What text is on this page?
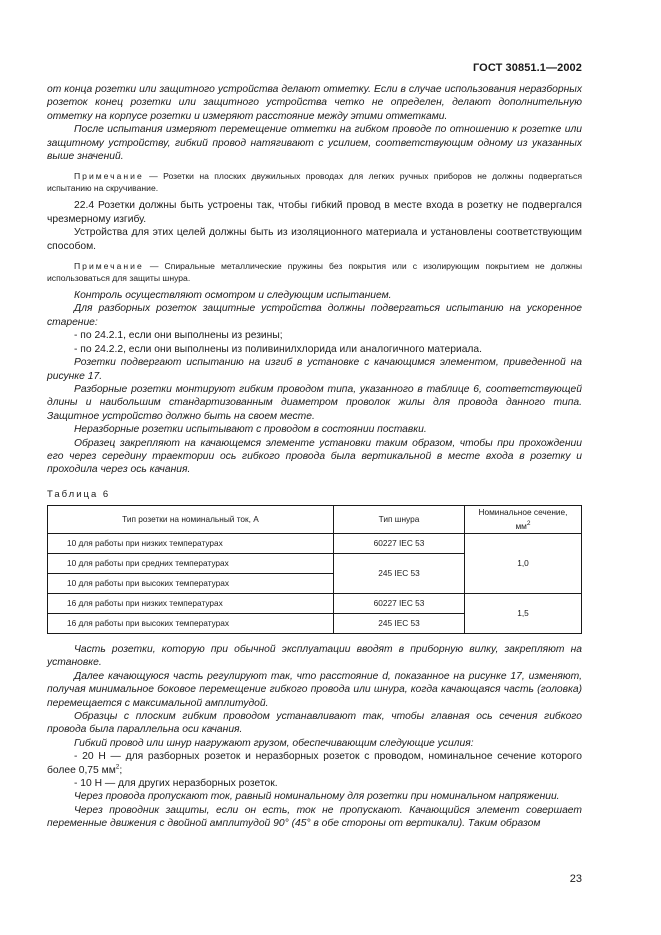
ГОСТ 30851.1—2002

от конца розетки или защитного устройства делают отметку. Если в случае использования неразборных розеток конец розетки или защитного устройства четко не определен, делают дополнительную отметку на корпусе розетки и измеряют расстояние между этими отметками.

После испытания измеряют перемещение отметки на гибком проводе по отношению к розетке или защитному устройству, гибкий провод натягивают с усилием, соответствующим одному из указанных выше значений.

Примечание — Розетки на плоских двужильных проводах для легких ручных приборов не должны подвергаться испытанию на скручивание.

22.4 Розетки должны быть устроены так, чтобы гибкий провод в месте входа в розетку не подвергался чрезмерному изгибу.

Устройства для этих целей должны быть из изоляционного материала и установлены соответствующим способом.

Примечание — Спиральные металлические пружины без покрытия или с изолирующим покрытием не должны использоваться для защиты шнура.

Контроль осуществляют осмотром и следующим испытанием.

Для разборных розеток защитные устройства должны подвергаться испытанию на ускоренное старение:

- по 24.2.1, если они выполнены из резины;

- по 24.2.2, если они выполнены из поливинилхлорида или аналогичного материала.

Розетки подвергают испытанию на изгиб в установке с качающимся элементом, приведенной на рисунке 17.

Разборные розетки монтируют гибким проводом типа, указанного в таблице 6, соответствующей длины и наибольшим стандартизованным диаметром проволок жилы для провода данного типа. Защитное устройство должно быть на своем месте.

Неразборные розетки испытывают с проводом в состоянии поставки.

Образец закрепляют на качающемся элементе установки таким образом, чтобы при прохождении его через середину траектории ось гибкого провода была вертикальной в месте входа в розетку и проходила через ось качания.

Таблица 6

Тип розетки на номинальный ток, А	Тип шнура	Номинальное сечение, $мм^2$
10 для работы при низких температурах	60227 IEC 53	1,0
10 для работы при средних температурах	245 IEC 53	
10 для работы при высоких температурах		
16 для работы при низких температурах	60227 IEC 53	1,5
16 для работы при высоких температурах	245 IEC 53	

Часть розетки, которую при обычной эксплуатации вводят в приборную вилку, закрепляют на установке.

Далее качающуюся часть регулируют так, что расстояние d, показанное на рисунке 17, изменяют, получая минимальное боковое перемещение гибкого провода или шнура, когда качающаяся часть (головка) перемещается с максимальной амплитудой.

Образцы с плоским гибким проводом устанавливают так, чтобы главная ось сечения гибкого провода была параллельна оси качания.

Гибкий провод или шнур нагружают грузом, обеспечивающим следующие усилия:

- 20 Н — для разборных розеток и неразборных розеток с проводом, номинальное сечение которого более 0,75 $мм^2$;

- 10 Н — для других неразборных розеток.

Через провода пропускают ток, равный номинальному для розетки при номинальном напряжении.

Через проводник защиты, если он есть, ток не пропускают. Качающийся элемент совершает переменные движения с двойной амплитудой 90° (45° в обе стороны от вертикали). Таким образом

23
